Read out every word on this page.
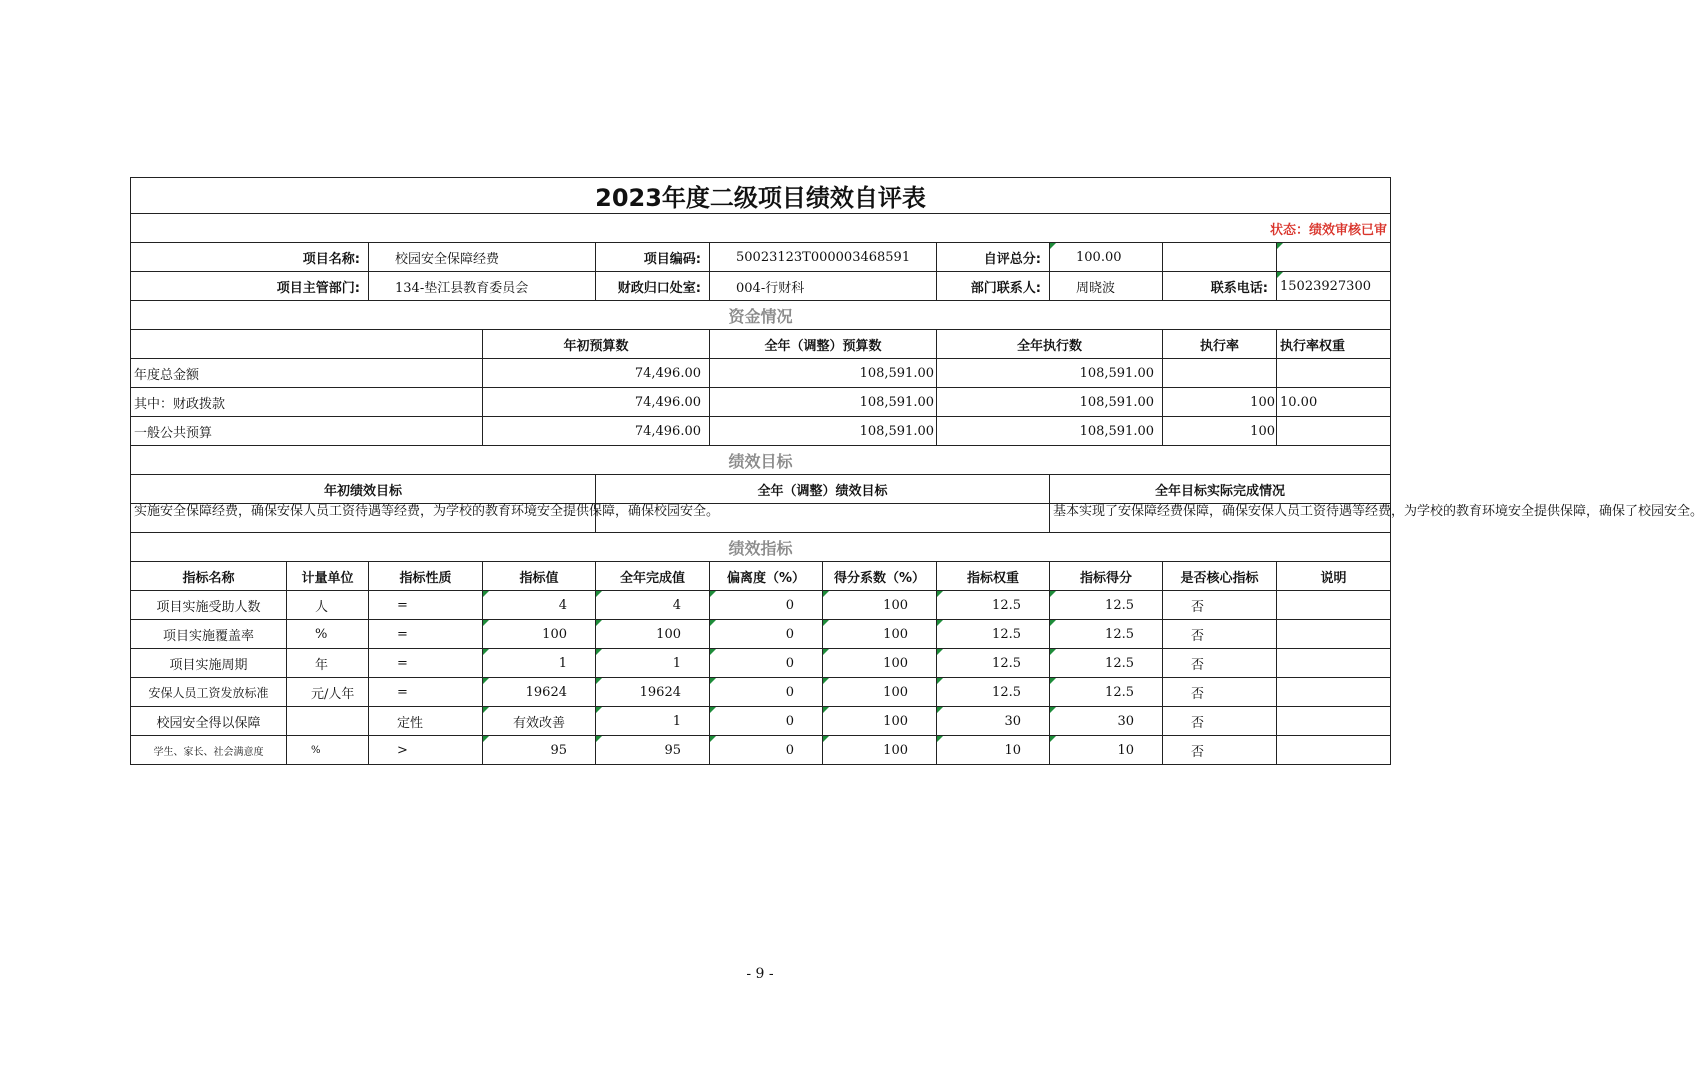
2023年度二级项目绩效自评表											
状态：绩效审核已审											
项目名称:		校园安全保障经费		项目编码:	50023123T000003468591		自评总分:	100.00			
项目主管部门:		134-垫江县教育委员会		财政归口处室:	004-行财科		部门联系人:	周晓波	联系电话:	15023927300	
资金情况											
			年初预算数		全年（调整）预算数		全年执行数		执行率	执行率权重	
年度总金额			74,496.00		108,591.00		108,591.00				
其中：财政拨款			74,496.00		108,591.00		108,591.00		100	10.00	
一般公共预算			74,496.00		108,591.00		108,591.00		100		
绩效目标											
年初绩效目标				全年（调整）绩效目标				全年目标实际完成情况			
实施安全保障经费，确保安保人员工资待遇等经费，为学校的教育环境安全提供保障，确保校园安全。								基本实现了安保障经费保障，确保安保人员工资待遇等经费，为学校的教育环境安全提供保障，确保了校园安全。			
绩效指标											
指标名称	计量单位	指标性质	指标值	全年完成值	偏离度（%）	得分系数（%）	指标权重	指标得分	是否核心指标	说明	
项目实施受助人数	人	=	4	4	0	100	12.5	12.5	否		
项目实施覆盖率	%	=	100	100	0	100	12.5	12.5	否		
项目实施周期	年	=	1	1	0	100	12.5	12.5	否		
安保人员工资发放标准	元/人年	=	19624	19624	0	100	12.5	12.5	否		
校园安全得以保障		定性	有效改善	1	0	100	30	30	否		
学生、家长、社会满意度	%	>	95	95	0	100	10	10	否		
- 9 -
